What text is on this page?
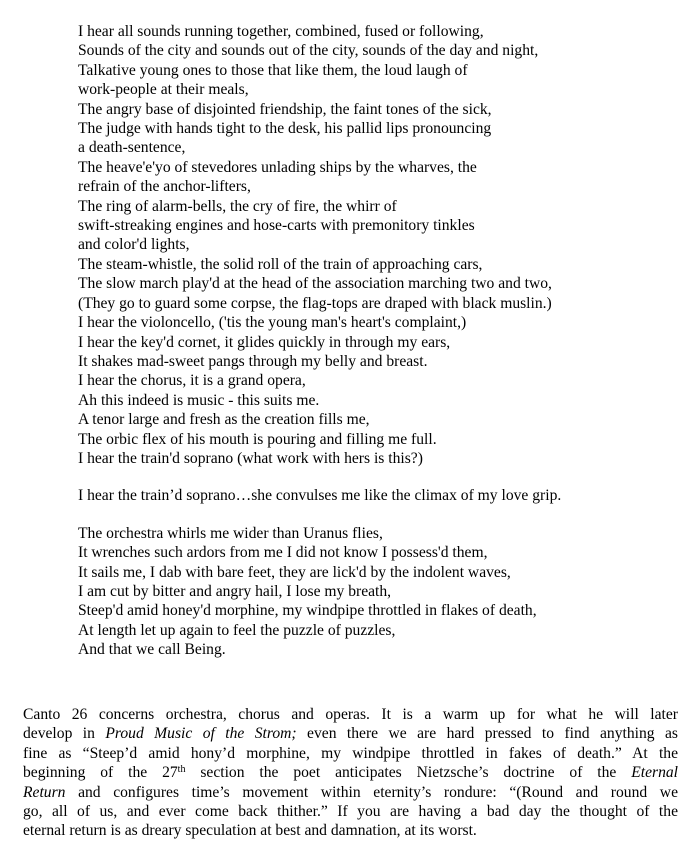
I hear all sounds running together, combined, fused or following,
Sounds of the city and sounds out of the city, sounds of the day and night,
Talkative young ones to those that like them, the loud laugh of
work-people at their meals,
The angry base of disjointed friendship, the faint tones of the sick,
The judge with hands tight to the desk, his pallid lips pronouncing
a death-sentence,
The heave'e'yo of stevedores unlading ships by the wharves, the
refrain of the anchor-lifters,
The ring of alarm-bells, the cry of fire, the whirr of
swift-streaking engines and hose-carts with premonitory tinkles
and color'd lights,
The steam-whistle, the solid roll of the train of approaching cars,
The slow march play'd at the head of the association marching two and two,
(They go to guard some corpse, the flag-tops are draped with black muslin.)
I hear the violoncello, ('tis the young man's heart's complaint,)
I hear the key'd cornet, it glides quickly in through my ears,
It shakes mad-sweet pangs through my belly and breast.
I hear the chorus, it is a grand opera,
Ah this indeed is music - this suits me.
A tenor large and fresh as the creation fills me,
The orbic flex of his mouth is pouring and filling me full.
I hear the train'd soprano (what work with hers is this?)
I hear the train’d soprano…she convulses me like the climax of my love grip.
The orchestra whirls me wider than Uranus flies,
It wrenches such ardors from me I did not know I possess'd them,
It sails me, I dab with bare feet, they are lick'd by the indolent waves,
I am cut by bitter and angry hail, I lose my breath,
Steep'd amid honey'd morphine, my windpipe throttled in flakes of death,
At length let up again to feel the puzzle of puzzles,
And that we call Being.
Canto 26 concerns orchestra, chorus and operas. It is a warm up for what he will later
develop in Proud Music of the Strom; even there we are hard pressed to find anything as
fine as “Steep’d amid hony’d morphine, my windpipe throttled in fakes of death.” At the
beginning of the 27th section the poet anticipates Nietzsche’s doctrine of the Eternal
Return and configures time’s movement within eternity’s rondure: “(Round and round we
go, all of us, and ever come back thither.” If you are having a bad day the thought of the
eternal return is as dreary speculation at best and damnation, at its worst.
